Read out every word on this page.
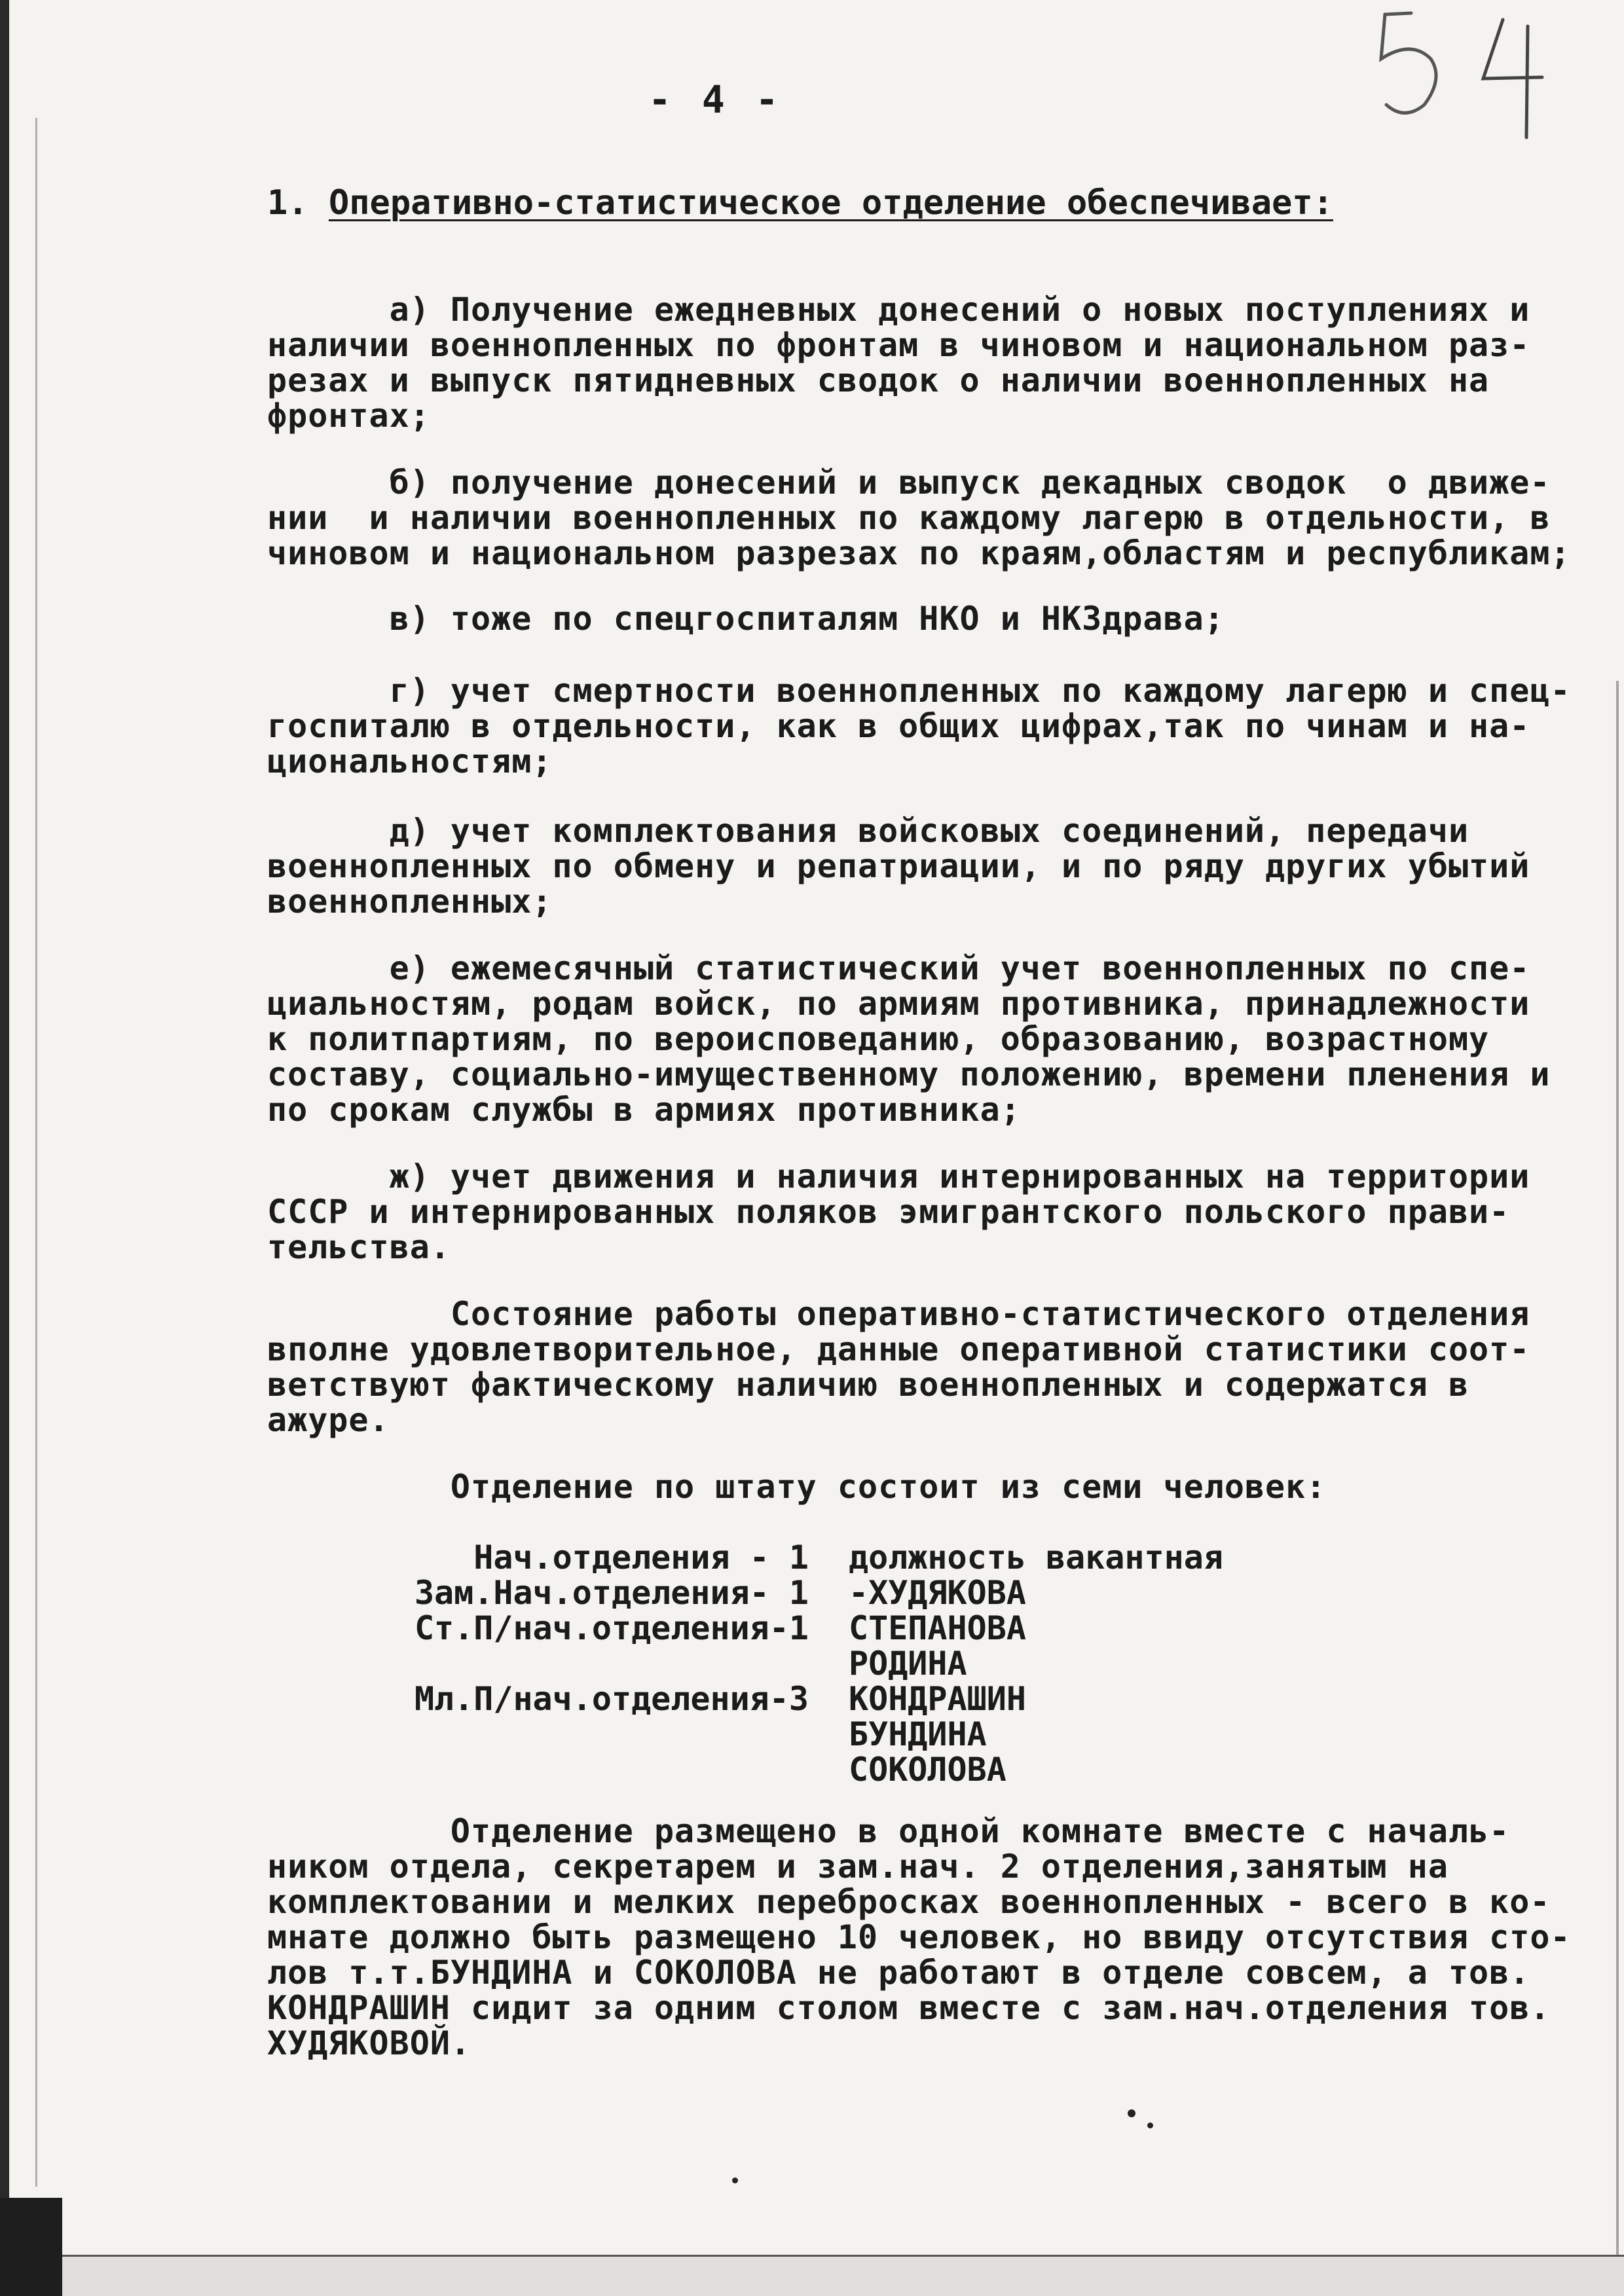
- 4 -
1. Оперативно-статистическое отделение обеспечивает:
а) Получение ежедневных донесений о новых поступлениях и
наличии военнопленных по фронтам в чиновом и национальном раз-
резах и выпуск пятидневных сводок о наличии военнопленных на
фронтах;
б) получение донесений и выпуск декадных сводок  о движе-
нии  и наличии военнопленных по каждому лагерю в отдельности, в
чиновом и национальном разрезах по краям,областям и республикам;
в) тоже по спецгоспиталям НКО и НКЗдрава;
г) учет смертности военнопленных по каждому лагерю и спец-
госпиталю в отдельности, как в общих цифрах,так по чинам и на-
циональностям;
д) учет комплектования войсковых соединений, передачи
военнопленных по обмену и репатриации, и по ряду других убытий
военнопленных;
е) ежемесячный статистический учет военнопленных по спе-
циальностям, родам войск, по армиям противника, принадлежности
к политпартиям, по вероисповеданию, образованию, возрастному
составу, социально-имущественному положению, времени пленения и
по срокам службы в армиях противника;
ж) учет движения и наличия интернированных на территории
СССР и интернированных поляков эмигрантского польского прави-
тельства.
Состояние работы оперативно-статистического отделения
вполне удовлетворительное, данные оперативной статистики соот-
ветствуют фактическому наличию военнопленных и содержатся в
ажуре.
Отделение по штату состоит из семи человек:
Нач.отделения - 1
Зам.Нач.отделения- 1
Ст.П/нач.отделения-1

Мл.П/нач.отделения-3
должность вакантная
-ХУДЯКОВА
СТЕПАНОВА
РОДИНА
КОНДРАШИН
БУНДИНА
СОКОЛОВА
Отделение размещено в одной комнате вместе с началь-
ником отдела, секретарем и зам.нач. 2 отделения,занятым на
комплектовании и мелких перебросках военнопленных - всего в ко-
мнате должно быть размещено 10 человек, но ввиду отсутствия сто-
лов т.т.БУНДИНА и СОКОЛОВА не работают в отделе совсем, а тов.
КОНДРАШИН сидит за одним столом вместе с зам.нач.отделения тов.
ХУДЯКОВОЙ.
